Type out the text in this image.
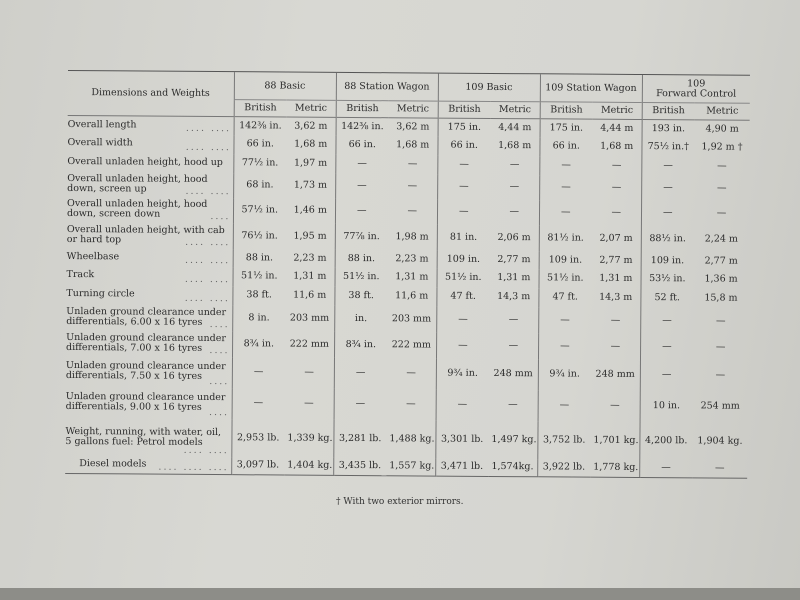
Dimensions and Weights	88 Basic		88 Station Wagon		109 Basic		109 Station Wagon		109
Forward Control	
	British	Metric	British	Metric	British	Metric	British	Metric	British	Metric
Overall length .... ....	142⅜ in.	3,62 m	142⅜ in.	3,62 m	175 in.	4,44 m	175 in.	4,44 m	193 in.	4,90 m
Overall width .... ....	66 in.	1,68 m	66 in.	1,68 m	66 in.	1,68 m	66 in.	1,68 m	75½ in.†	1,92 m †
Overall unladen height, hood up	77½ in.	1,97 m	—	—	—	—	—	—	—	—
Overall unladen height, hood down, screen up .... ....	68 in.	1,73 m	—	—	—	—	—	—	—	—
Overall unladen height, hood down, screen down ....	57½ in.	1,46 m	—	—	—	—	—	—	—	—
Overall unladen height, with cab or hard top .... ....	76½ in.	1,95 m	77⅞ in.	1,98 m	81 in.	2,06 m	81½ in.	2,07 m	88½ in.	2,24 m
Wheelbase .... ....	88 in.	2,23 m	88 in.	2,23 m	109 in.	2,77 m	109 in.	2,77 m	109 in.	2,77 m
Track .... ....	51½ in.	1,31 m	51½ in.	1,31 m	51½ in.	1,31 m	51½ in.	1,31 m	53½ in.	1,36 m
Turning circle .... ....	38 ft.	11,6 m	38 ft.	11,6 m	47 ft.	14,3 m	47 ft.	14,3 m	52 ft.	15,8 m
Unladen ground clearance under differentials, 6.00 x 16 tyres ....	8 in.	203 mm	in.	203 mm	—	—	—	—	—	—
Unladen ground clearance under differentials, 7.00 x 16 tyres ....	8¾ in.	222 mm	8¾ in.	222 mm	—	—	—	—	—	—
Unladen ground clearance under differentials, 7.50 x 16 tyres ....	—	—	—	—	9¾ in.	248 mm	9¾ in.	248 mm	—	—
Unladen ground clearance under differentials, 9.00 x 16 tyres ....	—	—	—	—	—	—	—	—	10 in.	254 mm
Weight, running, with water, oil, 5 gallons fuel: Petrol models
.... ....	2,953 lb.	1,339 kg.	3,281 lb.	1,488 kg.	3,301 lb.	1,497 kg.	3,752 lb.	1,701 kg.	4,200 lb.	1,904 kg.
Diesel models .... .... ....	3,097 lb.	1,404 kg.	3,435 lb.	1,557 kg.	3,471 lb.	1,574kg.	3,922 lb.	1,778 kg.	—	—
† With two exterior mirrors.
